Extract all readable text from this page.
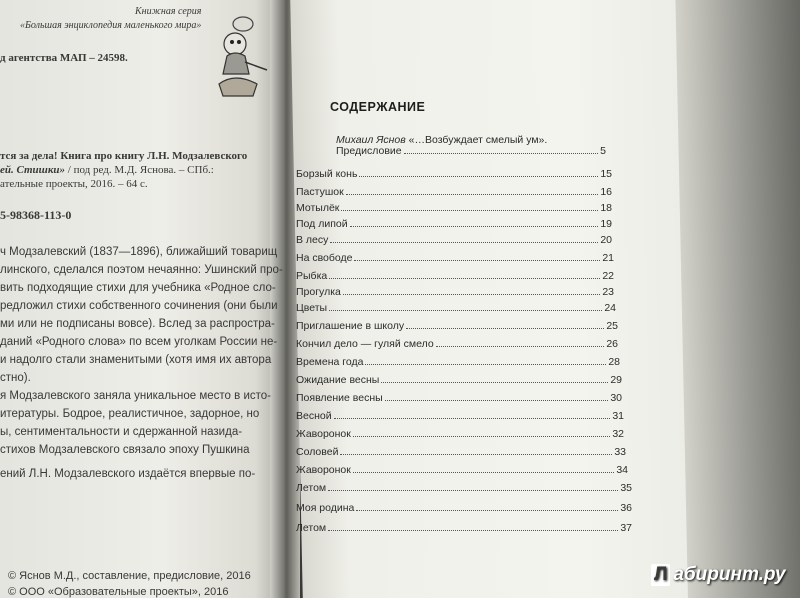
Книжная серия
«Большая энциклопедия маленького мира»
д агентства МАП – 24598.
тся за дела! Книга про книгу Л.Н. Модзалевского
ей. Стишки» / под ред. М.Д. Яснова. – СПб.:
ательные проекты, 2016. – 64 с.
5-98368-113-0
ч Модзалевский (1837—1896), ближайший товарищ
линского, сделался поэтом нечаянно: Ушинский про-
вить подходящие стихи для учебника «Родное сло-
редложил стихи собственного сочинения (они были
ми или не подписаны вовсе). Вслед за распростра-
даний «Родного слова» по всем уголкам России не-
и надолго стали знаменитыми (хотя имя их автора
стно).
я Модзалевского заняла уникальное место в исто-
итературы. Бодрое, реалистичное, задорное, но
ы, сентиментальности и сдержанной назида-
стихов Модзалевского связало эпоху Пушкина
ений Л.Н. Модзалевского издаётся впервые по-
© Яснов М.Д., составление, предисловие, 2016
© ООО «Образовательные проекты», 2016
СОДЕРЖАНИЕ
Михаил Яснов «…Возбуждает смелый ум».
Предисловие	5
Борзый конь	15
Пастушок	16
Мотылёк	18
Под липой	19
В лесу	20
На свободе	21
Рыбка	22
Прогулка	23
Цветы	24
Приглашение в школу	25
Кончил дело — гуляй смело	26
Времена года	28
Ожидание весны	29
Появление весны	30
Весной	31
Жаворонок	32
Соловей	33
Жаворонок	34
Летом	35
Моя родина	36
Летом	37
Л абиринт.ру
